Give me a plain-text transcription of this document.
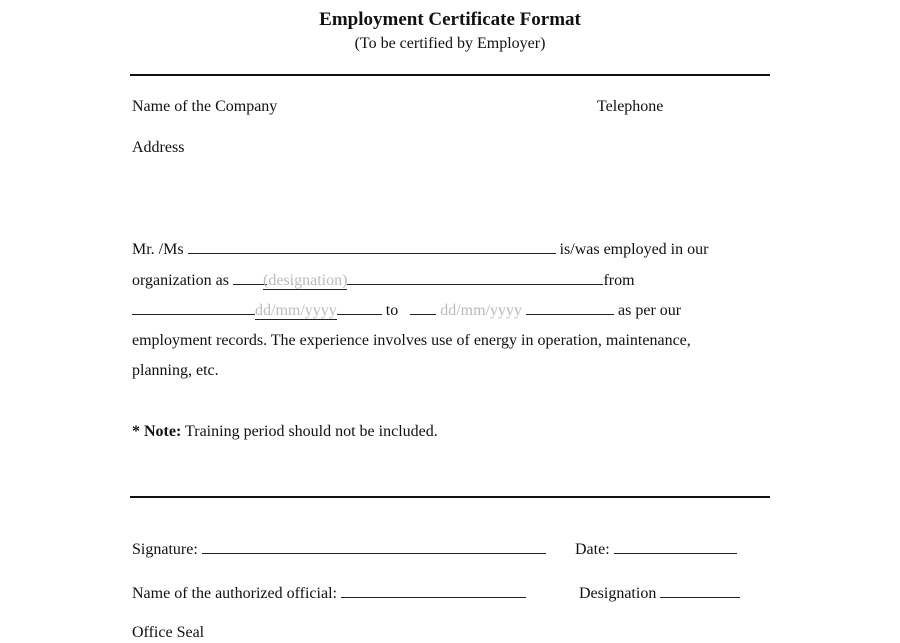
Employment Certificate Format
(To be certified by Employer)
Name of the Company	Telephone
Address
Mr. /Ms	is/was employed in our
organization as (designation)	from
dd/mm/yyyy	to	dd/mm/yyyy	as per our
employment records. The experience involves use of energy in operation, maintenance,
planning, etc.
* Note: Training period should not be included.
Signature:	Date:
Name of the authorized official:	Designation
Office Seal
